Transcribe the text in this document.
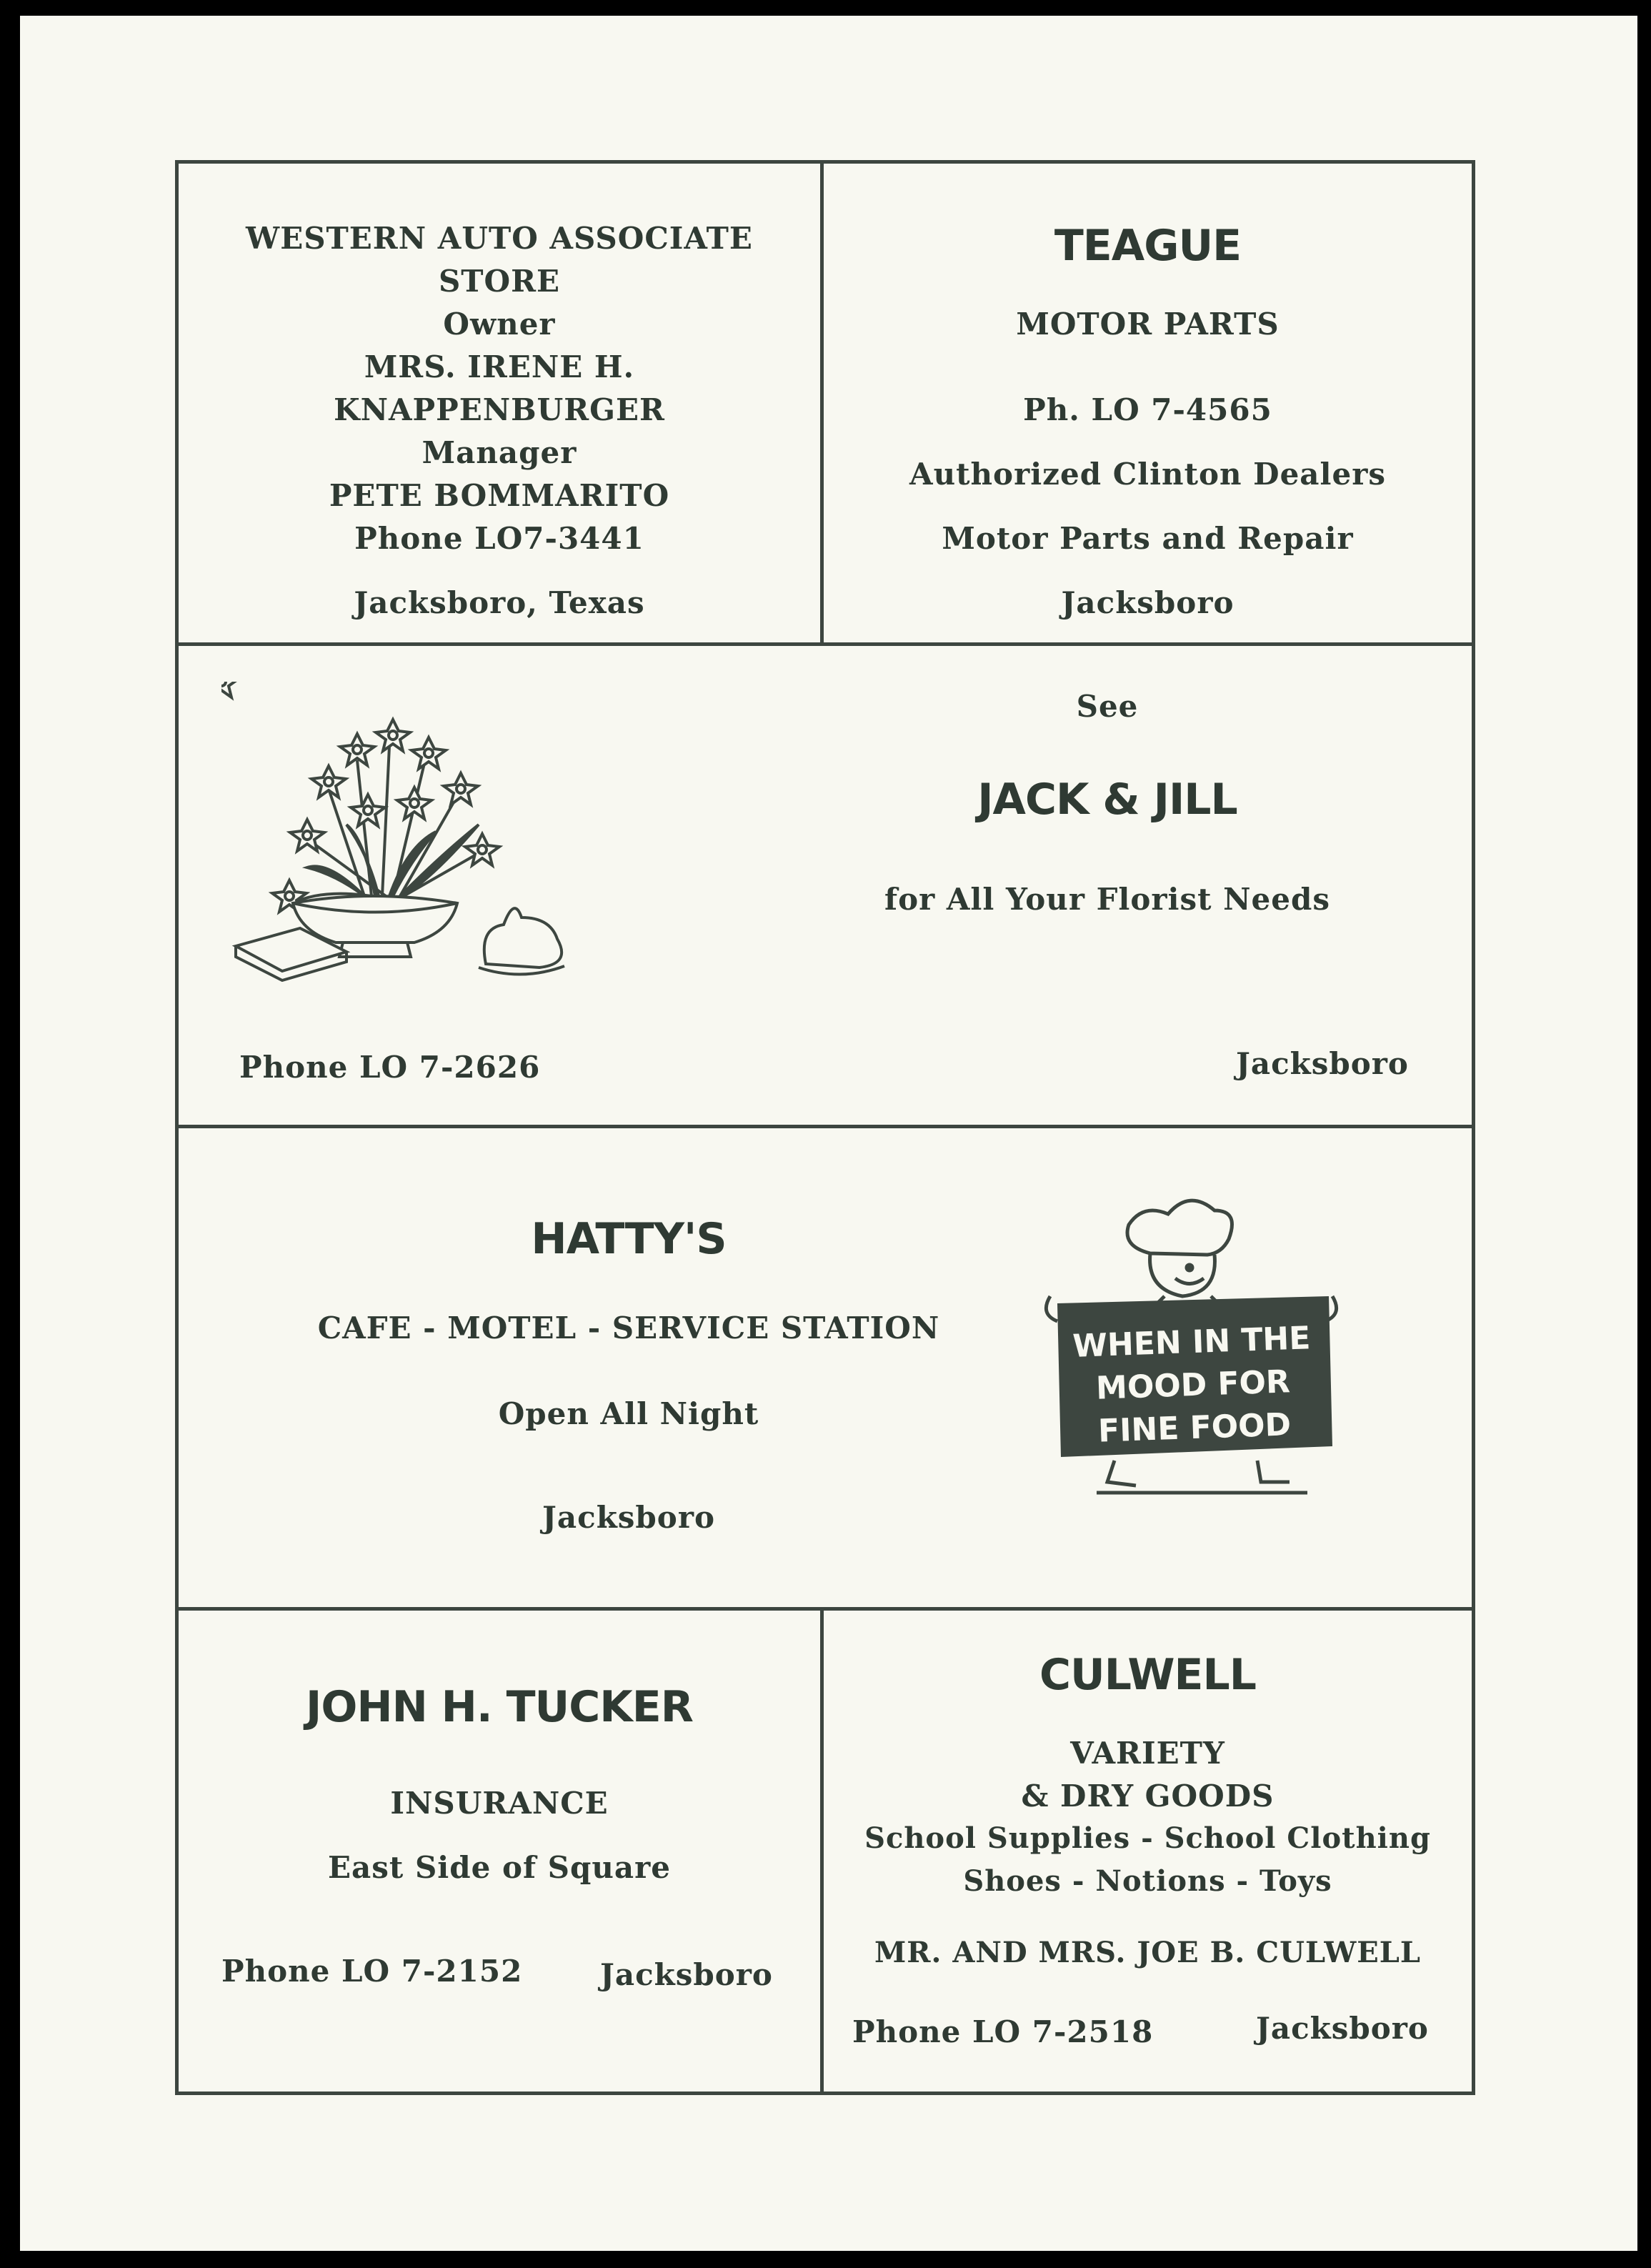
WESTERN AUTO ASSOCIATE
STORE
Owner
MRS. IRENE H.
KNAPPENBURGER
Manager
PETE BOMMARITO
Phone LO7-3441
Jacksboro, Texas
TEAGUE
MOTOR PARTS
Ph. LO 7-4565
Authorized Clinton Dealers
Motor Parts and Repair
Jacksboro
See
JACK & JILL
for All Your Florist Needs
Phone LO 7-2626	Jacksboro
HATTY'S
CAFE - MOTEL - SERVICE STATION
Open All Night
Jacksboro
WHEN IN THE
MOOD FOR
FINE FOOD
JOHN H. TUCKER
INSURANCE
East Side of Square
Phone LO 7-2152	Jacksboro
CULWELL
VARIETY
& DRY GOODS
School Supplies - School Clothing
Shoes - Notions - Toys
MR. AND MRS. JOE B. CULWELL
Phone LO 7-2518	Jacksboro
